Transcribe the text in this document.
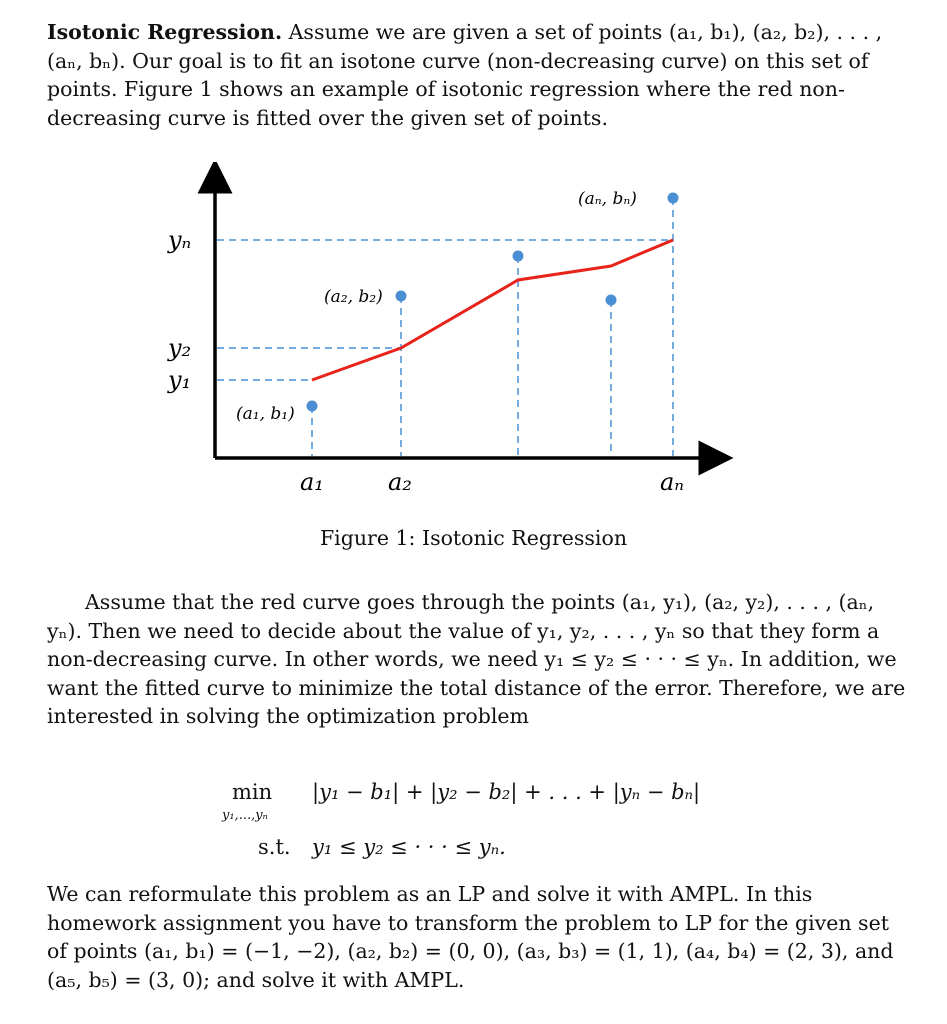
Isotonic Regression. Assume we are given a set of points (a₁, b₁), (a₂, b₂), . . . , (aₙ, bₙ). Our goal is to fit an isotone curve (non-decreasing curve) on this set of points. Figure 1 shows an example of isotonic regression where the red non-decreasing curve is fitted over the given set of points.
yₙ
y₂
y₁
a₁	a₂	aₙ
(a₁, b₁)
(a₂, b₂)
(aₙ, bₙ)
Figure 1: Isotonic Regression
Assume that the red curve goes through the points (a₁, y₁), (a₂, y₂), . . . , (aₙ, yₙ). Then we need to decide about the value of y₁, y₂, . . . , yₙ so that they form a non-decreasing curve. In other words, we need y₁ ≤ y₂ ≤ · · · ≤ yₙ. In addition, we want the fitted curve to minimize the total distance of the error. Therefore, we are interested in solving the optimization problem
min
y₁,...,yₙ
|y₁ − b₁| + |y₂ − b₂| + . . . + |yₙ − bₙ|
s.t. y₁ ≤ y₂ ≤ · · · ≤ yₙ.
We can reformulate this problem as an LP and solve it with AMPL. In this homework assignment you have to transform the problem to LP for the given set of points (a₁, b₁) = (−1, −2), (a₂, b₂) = (0, 0), (a₃, b₃) = (1, 1), (a₄, b₄) = (2, 3), and (a₅, b₅) = (3, 0); and solve it with AMPL.
